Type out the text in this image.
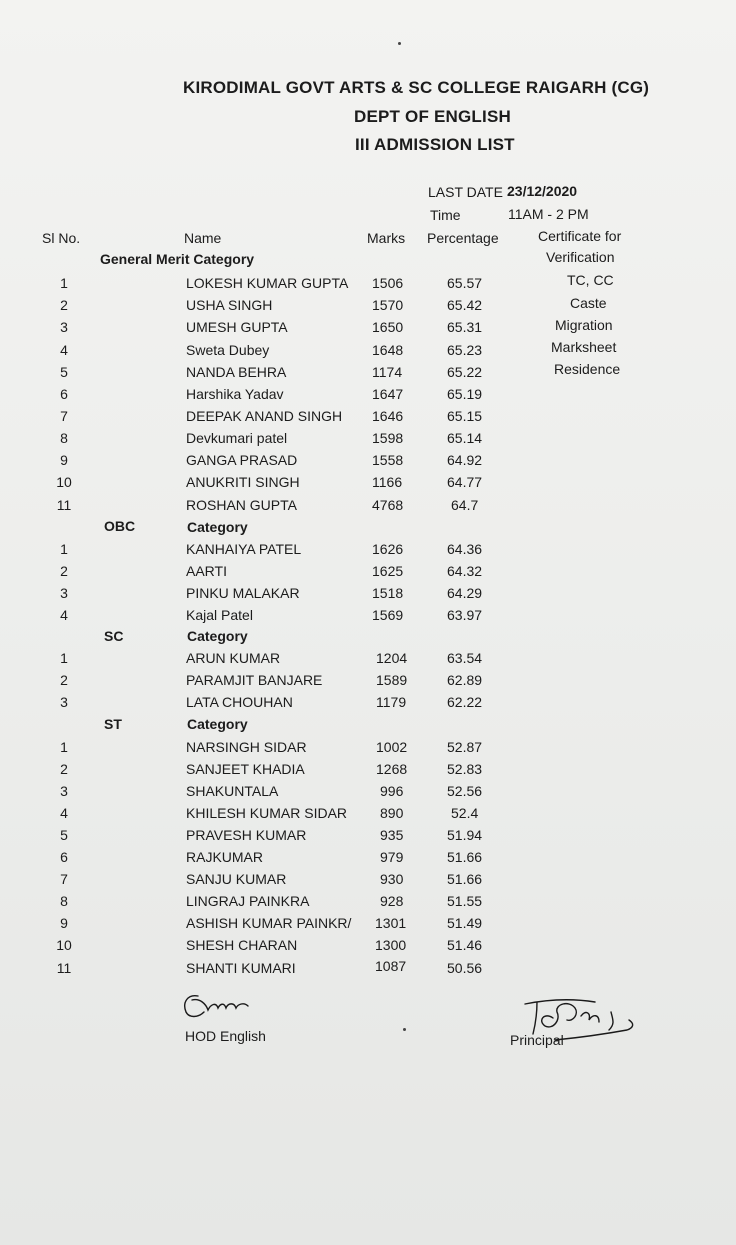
KIRODIMAL GOVT ARTS & SC COLLEGE RAIGARH (CG)
DEPT OF ENGLISH
III ADMISSION LIST
LAST DATE 23/12/2020
Time	11AM - 2 PM
Sl No.	Name	Marks Percentage	Certificate for
Verification
TC, CC
Caste
Migration
Marksheet
Residence
General Merit Category
1	LOKESH KUMAR GUPTA 1506	65.57
2	USHA SINGH	1570	65.42
3	UMESH GUPTA	1650	65.31
4	Sweta Dubey	1648	65.23
5	NANDA BEHRA	1174	65.22
6	Harshika Yadav	1647	65.19
7	DEEPAK ANAND SINGH 1646	65.15
8	Devkumari patel	1598	65.14
9	GANGA PRASAD	1558	64.92
10	ANUKRITI SINGH	1166	64.77
11	ROSHAN GUPTA	4768	64.7
OBC	Category
1	KANHAIYA PATEL	1626	64.36
2	AARTI	1625	64.32
3	PINKU MALAKAR	1518	64.29
4	Kajal Patel	1569	63.97
SC	Category
1	ARUN KUMAR	1204	63.54
2	PARAMJIT BANJARE	1589	62.89
3	LATA CHOUHAN	1179	62.22
ST	Category
1	NARSINGH SIDAR	1002	52.87
2	SANJEET KHADIA	1268	52.83
3	SHAKUNTALA	996	52.56
4	KHILESH KUMAR SIDAR 890	52.4
5	PRAVESH KUMAR	935	51.94
6	RAJKUMAR	979	51.66
7	SANJU KUMAR	930	51.66
8	LINGRAJ PAINKRA	928	51.55
9	ASHISH KUMAR PAINKR/ 1301	51.49
10	SHESH CHARAN	1300	51.46
11	SHANTI KUMARI	1087	50.56
HOD English	Principal
